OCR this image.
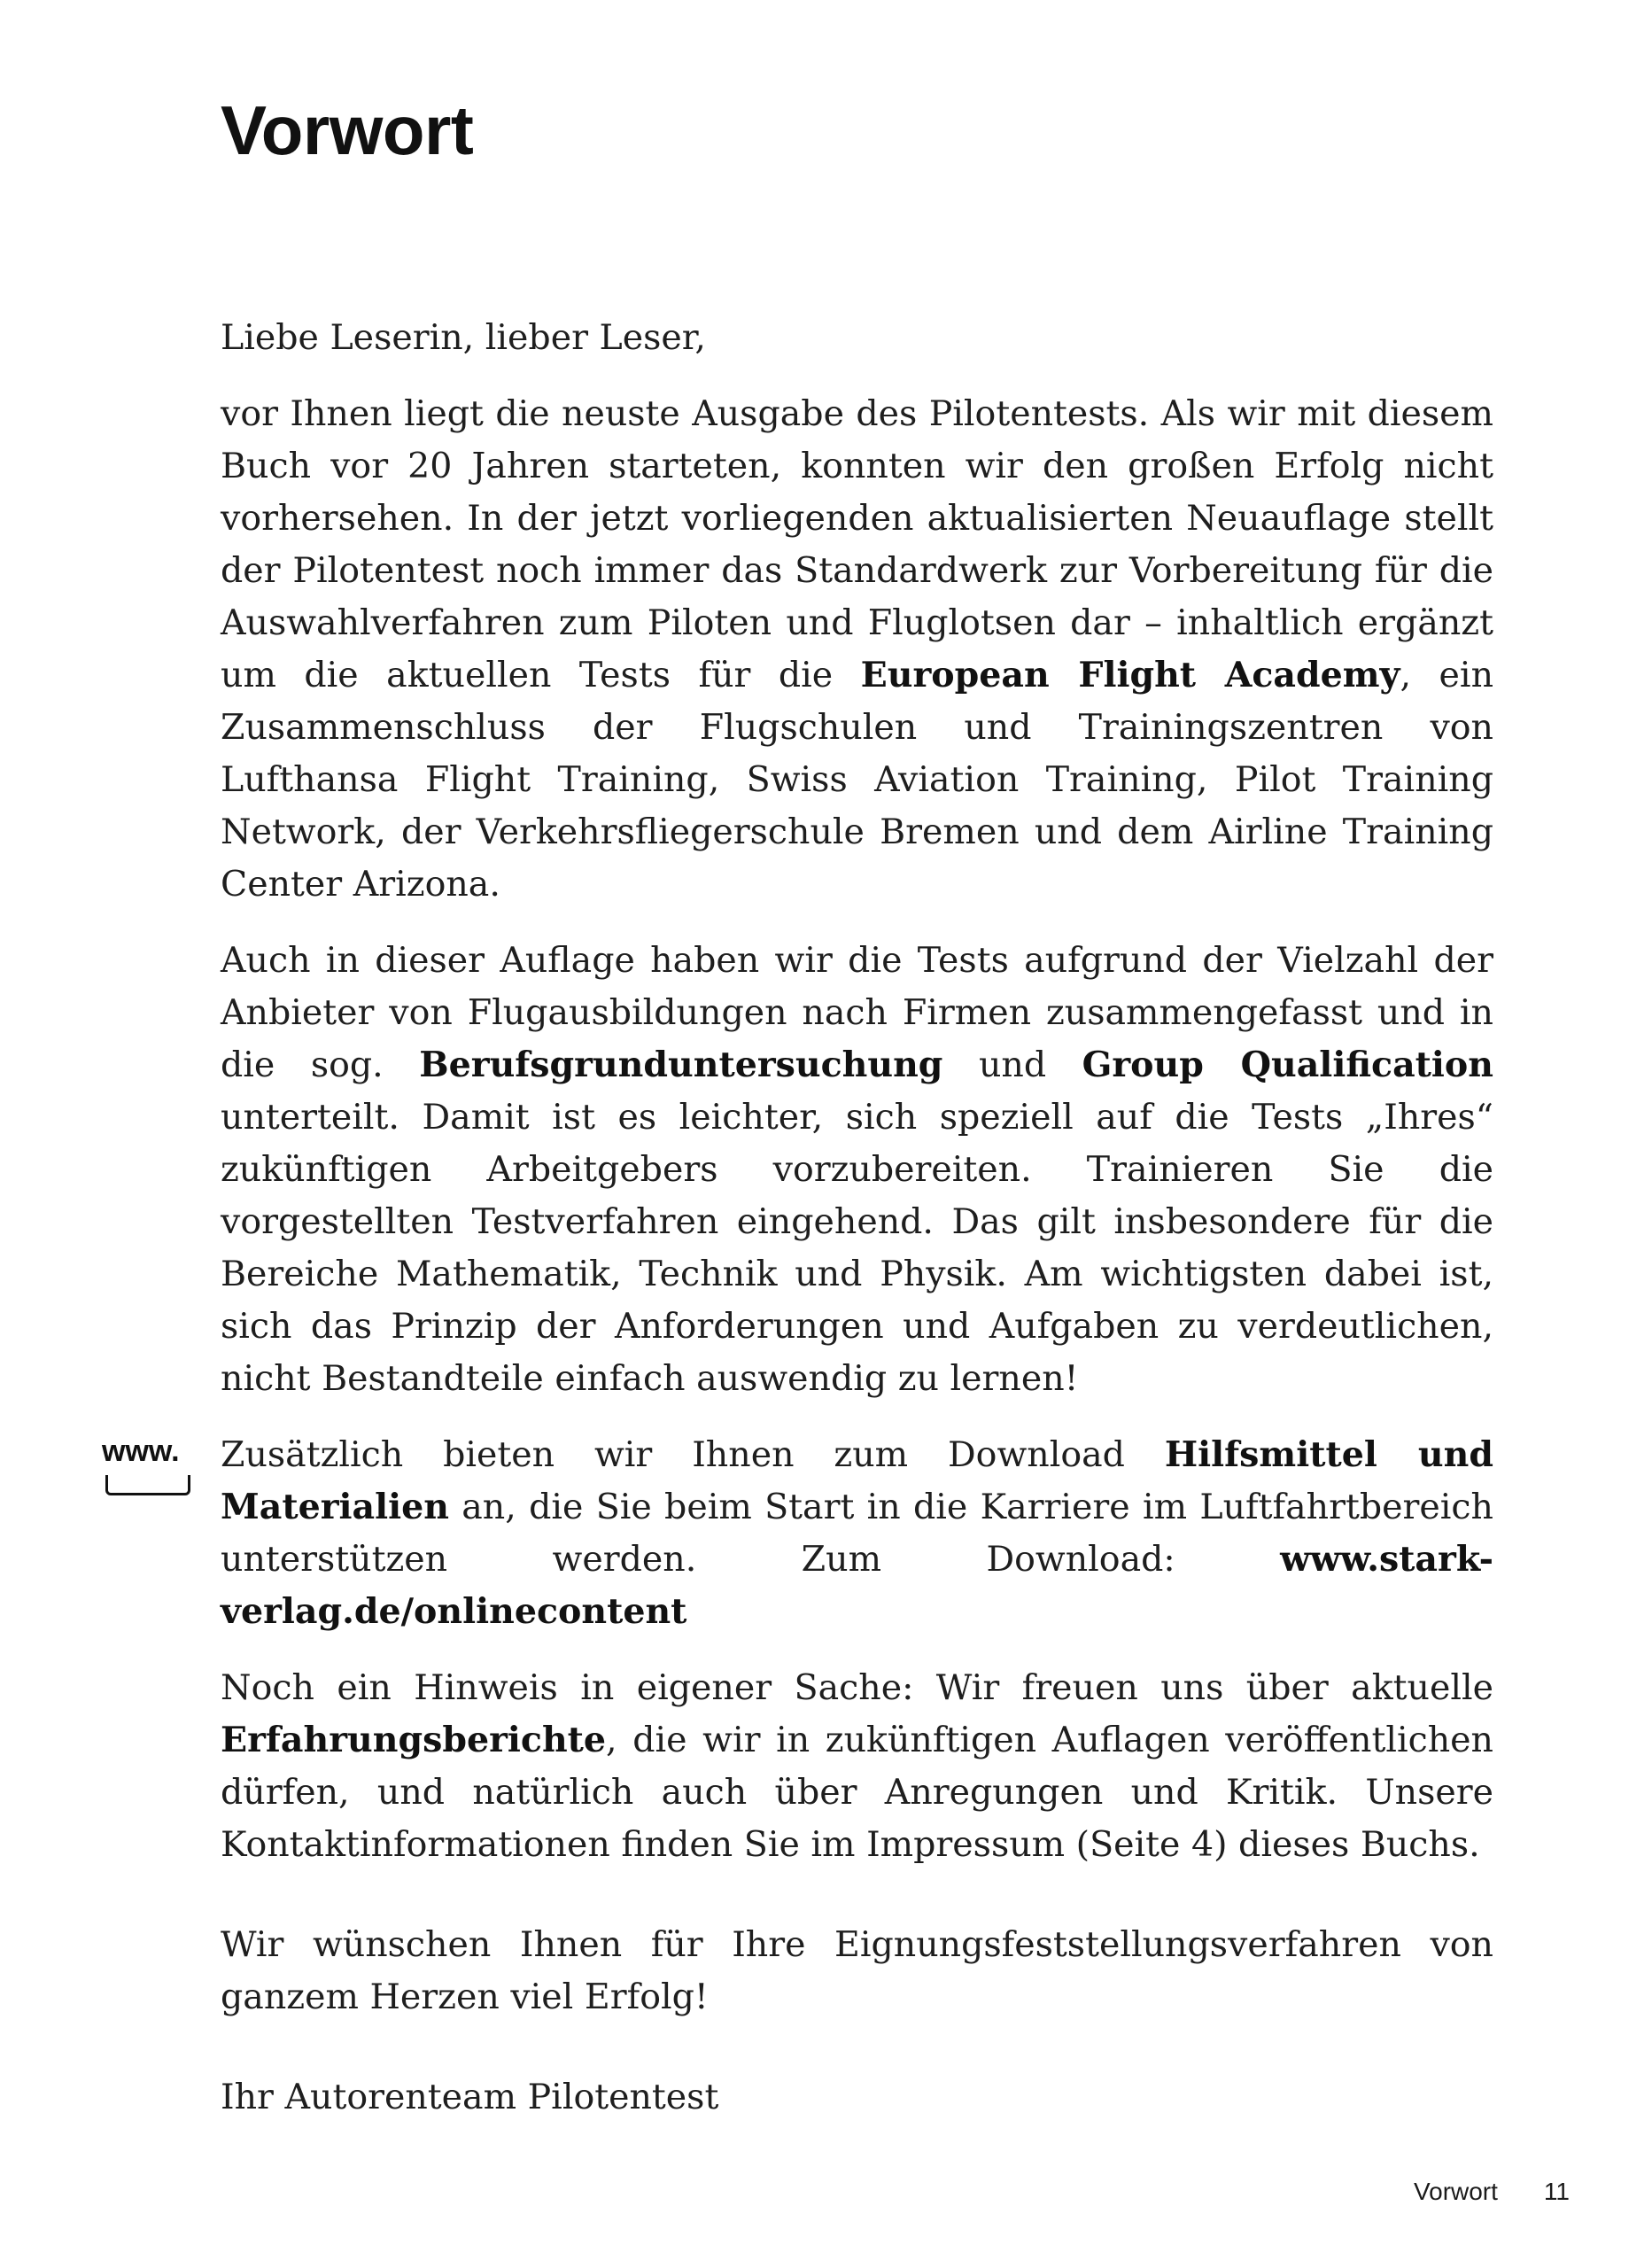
Vorwort

Liebe Leserin, lieber Leser,

vor Ihnen liegt die neuste Ausgabe des Pilotentests. Als wir mit diesem Buch vor 20 Jahren starteten, konnten wir den großen Erfolg nicht vorhersehen. In der jetzt vorliegenden aktualisierten Neuauflage stellt der Pilotentest noch immer das Standardwerk zur Vorbereitung für die Auswahlverfahren zum Piloten und Fluglotsen dar – inhaltlich ergänzt um die aktuellen Tests für die European Flight Academy, ein Zusammenschluss der Flugschulen und Trainingszentren von Lufthansa Flight Training, Swiss Aviation Training, Pilot Training Network, der Verkehrsfliegerschule Bremen und dem Airline Training Center Arizona.

Auch in dieser Auflage haben wir die Tests aufgrund der Vielzahl der Anbieter von Flugausbildungen nach Firmen zusammengefasst und in die sog. Berufsgrunduntersuchung und Group Qualification unterteilt. Damit ist es leichter, sich speziell auf die Tests „Ihres“ zukünftigen Arbeitgebers vorzubereiten. Trainieren Sie die vorgestellten Testverfahren eingehend. Das gilt insbesondere für die Bereiche Mathematik, Technik und Physik. Am wichtigsten dabei ist, sich das Prinzip der Anforderungen und Aufgaben zu verdeutlichen, nicht Bestandteile einfach auswendig zu lernen!

www.	Zusätzlich bieten wir Ihnen zum Download Hilfsmittel und Materialien an, die Sie beim Start in die Karriere im Luftfahrtbereich unterstützen werden. Zum Download: www.stark-verlag.de/onlinecontent

Noch ein Hinweis in eigener Sache: Wir freuen uns über aktuelle Erfahrungsberichte, die wir in zukünftigen Auflagen veröffentlichen dürfen, und natürlich auch über Anregungen und Kritik. Unsere Kontaktinformationen finden Sie im Impressum (Seite 4) dieses Buchs.

Wir wünschen Ihnen für Ihre Eignungsfeststellungsverfahren von ganzem Herzen viel Erfolg!

Ihr Autorenteam Pilotentest

Vorwort 11
